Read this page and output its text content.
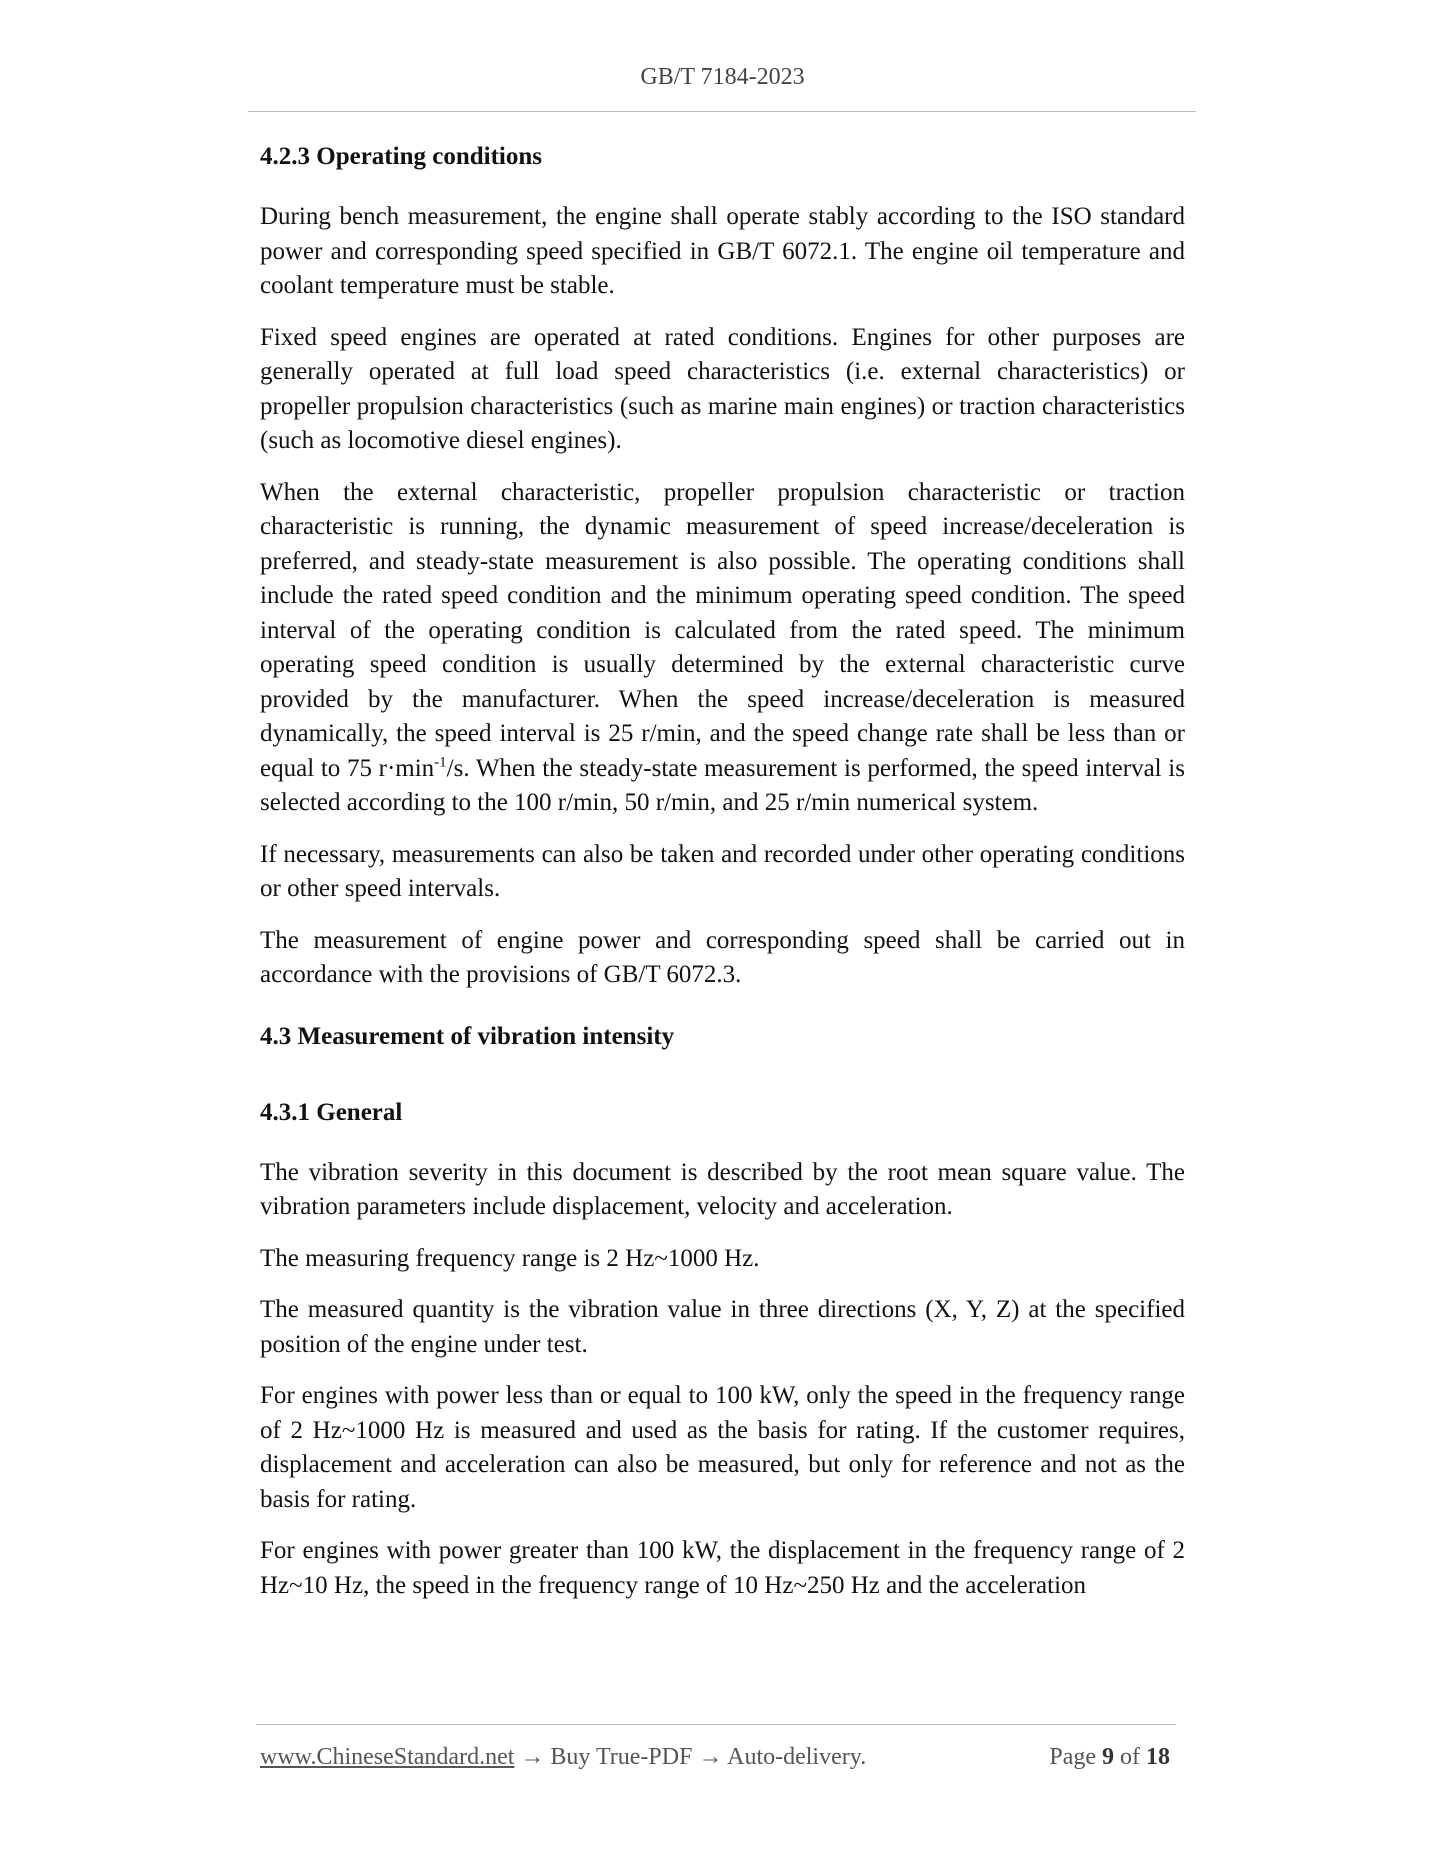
GB/T 7184-2023
4.2.3 Operating conditions

During bench measurement, the engine shall operate stably according to the ISO standard power and corresponding speed specified in GB/T 6072.1. The engine oil temperature and coolant temperature must be stable.

Fixed speed engines are operated at rated conditions. Engines for other purposes are generally operated at full load speed characteristics (i.e. external characteristics) or propeller propulsion characteristics (such as marine main engines) or traction characteristics (such as locomotive diesel engines).

When the external characteristic, propeller propulsion characteristic or traction characteristic is running, the dynamic measurement of speed increase/deceleration is preferred, and steady-state measurement is also possible. The operating conditions shall include the rated speed condition and the minimum operating speed condition. The speed interval of the operating condition is calculated from the rated speed. The minimum operating speed condition is usually determined by the external characteristic curve provided by the manufacturer. When the speed increase/deceleration is measured dynamically, the speed interval is 25 r/min, and the speed change rate shall be less than or equal to 75 $r\cdot\min^{-1}/s$. When the steady-state measurement is performed, the speed interval is selected according to the 100 r/min, 50 r/min, and 25 r/min numerical system.

If necessary, measurements can also be taken and recorded under other operating conditions or other speed intervals.

The measurement of engine power and corresponding speed shall be carried out in accordance with the provisions of GB/T 6072.3.

4.3 Measurement of vibration intensity
4.3.1 General

The vibration severity in this document is described by the root mean square value. The vibration parameters include displacement, velocity and acceleration.

The measuring frequency range is 2 Hz~1000 Hz.

The measured quantity is the vibration value in three directions (X, Y, Z) at the specified position of the engine under test.

For engines with power less than or equal to 100 kW, only the speed in the frequency range of 2 Hz~1000 Hz is measured and used as the basis for rating. If the customer requires, displacement and acceleration can also be measured, but only for reference and not as the basis for rating.

For engines with power greater than 100 kW, the displacement in the frequency range of 2 Hz~10 Hz, the speed in the frequency range of 10 Hz~250 Hz and the acceleration

www.ChineseStandard.net → Buy True-PDF → Auto-delivery.	Page 9 of 18
